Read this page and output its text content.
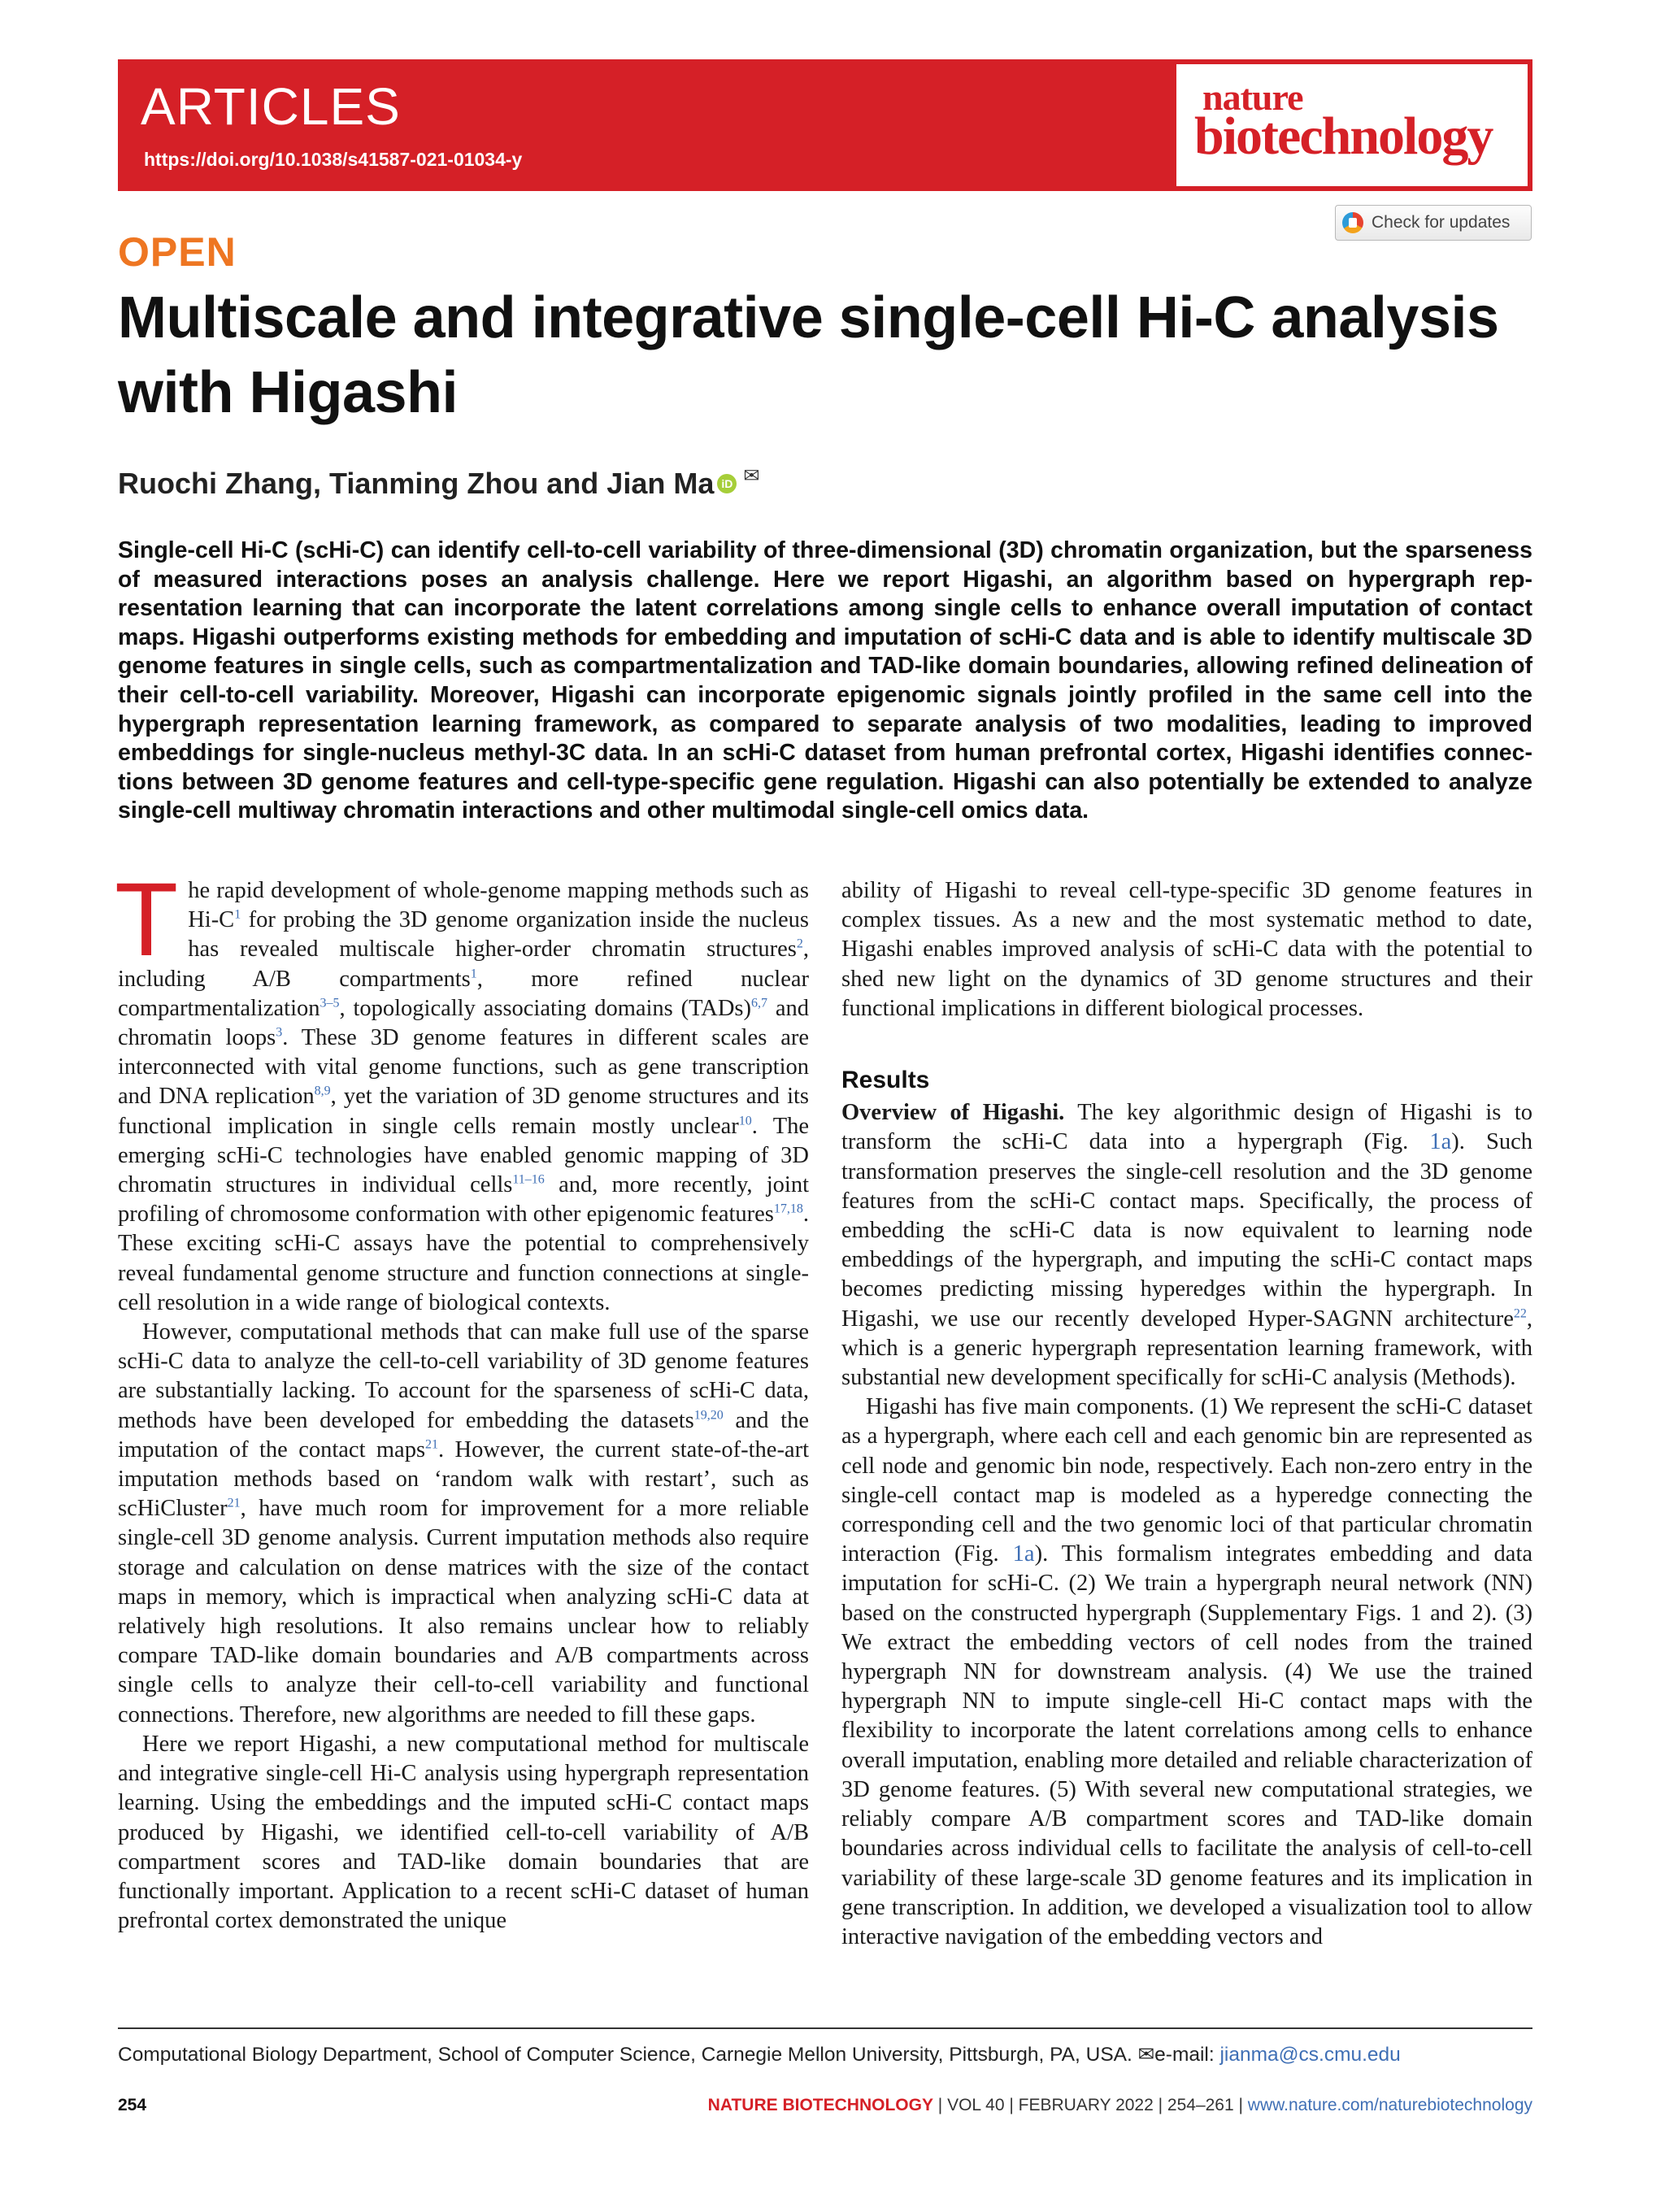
ARTICLES
https://doi.org/10.1038/s41587-021-01034-y
nature
biotechnology
Check for updates
OPEN
Multiscale and integrative single-cell Hi-C analysis with Higashi
Ruochi Zhang, Tianming Zhou and Jian Ma iD ✉
Single-cell Hi-C (scHi-C) can identify cell-to-cell variability of three-dimensional (3D) chromatin organization, but the sparseness of measured interactions poses an analysis challenge. Here we report Higashi, an algorithm based on hypergraph representation learning that can incorporate the latent correlations among single cells to enhance overall imputation of contact maps. Higashi outperforms existing methods for embedding and imputation of scHi-C data and is able to identify multiscale 3D genome features in single cells, such as compartmentalization and TAD-like domain boundaries, allowing refined delineation of their cell-to-cell variability. Moreover, Higashi can incorporate epigenomic signals jointly profiled in the same cell into the hypergraph representation learning framework, as compared to separate analysis of two modalities, leading to improved embeddings for single-nucleus methyl-3C data. In an scHi-C dataset from human prefrontal cortex, Higashi identifies connections between 3D genome features and cell-type-specific gene regulation. Higashi can also potentially be extended to analyze single-cell multiway chromatin interactions and other multimodal single-cell omics data.

The rapid development of whole-genome mapping methods such as $Hi-C^1$ for probing the 3D genome organization inside the nucleus has revealed multiscale higher-order chromatin structures$^2$, including A/B compartments$^1$, more refined nuclear compartmentalization$^{3-5}$, topologically associating domains (TADs)$^{6,7}$ and chromatin loops$^3$. These 3D genome features in different scales are interconnected with vital genome functions, such as gene transcription and DNA replication$^{8,9}$, yet the variation of 3D genome structures and its functional implication in single cells remain mostly unclear$^{10}$. The emerging scHi-C technologies have enabled genomic mapping of 3D chromatin structures in individual cells$^{11-16}$ and, more recently, joint profiling of chromosome conformation with other epigenomic features$^{17,18}$. These exciting scHi-C assays have the potential to comprehensively reveal fundamental genome structure and function connections at single-cell resolution in a wide range of biological contexts.

However, computational methods that can make full use of the sparse scHi-C data to analyze the cell-to-cell variability of 3D genome features are substantially lacking. To account for the sparseness of scHi-C data, methods have been developed for embedding the datasets$^{19,20}$ and the imputation of the contact maps$^{21}$. However, the current state-of-the-art imputation methods based on ‘random walk with restart’, such as scHiCluster$^{21}$, have much room for improvement for a more reliable single-cell 3D genome analysis. Current imputation methods also require storage and calculation on dense matrices with the size of the contact maps in memory, which is impractical when analyzing scHi-C data at relatively high resolutions. It also remains unclear how to reliably compare TAD-like domain boundaries and A/B compartments across single cells to analyze their cell-to-cell variability and functional connections. Therefore, new algorithms are needed to fill these gaps.

Here we report Higashi, a new computational method for multiscale and integrative single-cell Hi-C analysis using hypergraph representation learning. Using the embeddings and the imputed scHi-C contact maps produced by Higashi, we identified cell-to-cell variability of A/B compartment scores and TAD-like domain boundaries that are functionally important. Application to a recent scHi-C dataset of human prefrontal cortex demonstrated the unique

ability of Higashi to reveal cell-type-specific 3D genome features in complex tissues. As a new and the most systematic method to date, Higashi enables improved analysis of scHi-C data with the potential to shed new light on the dynamics of 3D genome structures and their functional implications in different biological processes.

Results

Overview of Higashi. The key algorithmic design of Higashi is to transform the scHi-C data into a hypergraph (Fig. 1a). Such transformation preserves the single-cell resolution and the 3D genome features from the scHi-C contact maps. Specifically, the process of embedding the scHi-C data is now equivalent to learning node embeddings of the hypergraph, and imputing the scHi-C contact maps becomes predicting missing hyperedges within the hypergraph. In Higashi, we use our recently developed Hyper-SAGNN architecture$^{22}$, which is a generic hypergraph representation learning framework, with substantial new development specifically for scHi-C analysis (Methods).

Higashi has five main components. (1) We represent the scHi-C dataset as a hypergraph, where each cell and each genomic bin are represented as cell node and genomic bin node, respectively. Each non-zero entry in the single-cell contact map is modeled as a hyperedge connecting the corresponding cell and the two genomic loci of that particular chromatin interaction (Fig. 1a). This formalism integrates embedding and data imputation for scHi-C. (2) We train a hypergraph neural network (NN) based on the constructed hypergraph (Supplementary Figs. 1 and 2). (3) We extract the embedding vectors of cell nodes from the trained hypergraph NN for downstream analysis. (4) We use the trained hypergraph NN to impute single-cell Hi-C contact maps with the flexibility to incorporate the latent correlations among cells to enhance overall imputation, enabling more detailed and reliable characterization of 3D genome features. (5) With several new computational strategies, we reliably compare A/B compartment scores and TAD-like domain boundaries across individual cells to facilitate the analysis of cell-to-cell variability of these large-scale 3D genome features and its implication in gene transcription. In addition, we developed a visualization tool to allow interactive navigation of the embedding vectors and

Computational Biology Department, School of Computer Science, Carnegie Mellon University, Pittsburgh, PA, USA. ✉e-mail: jianma@cs.cmu.edu
254	NATURE BIOTECHNOLOGY | VOL 40 | FEBRUARY 2022 | 254–261 | www.nature.com/naturebiotechnology
